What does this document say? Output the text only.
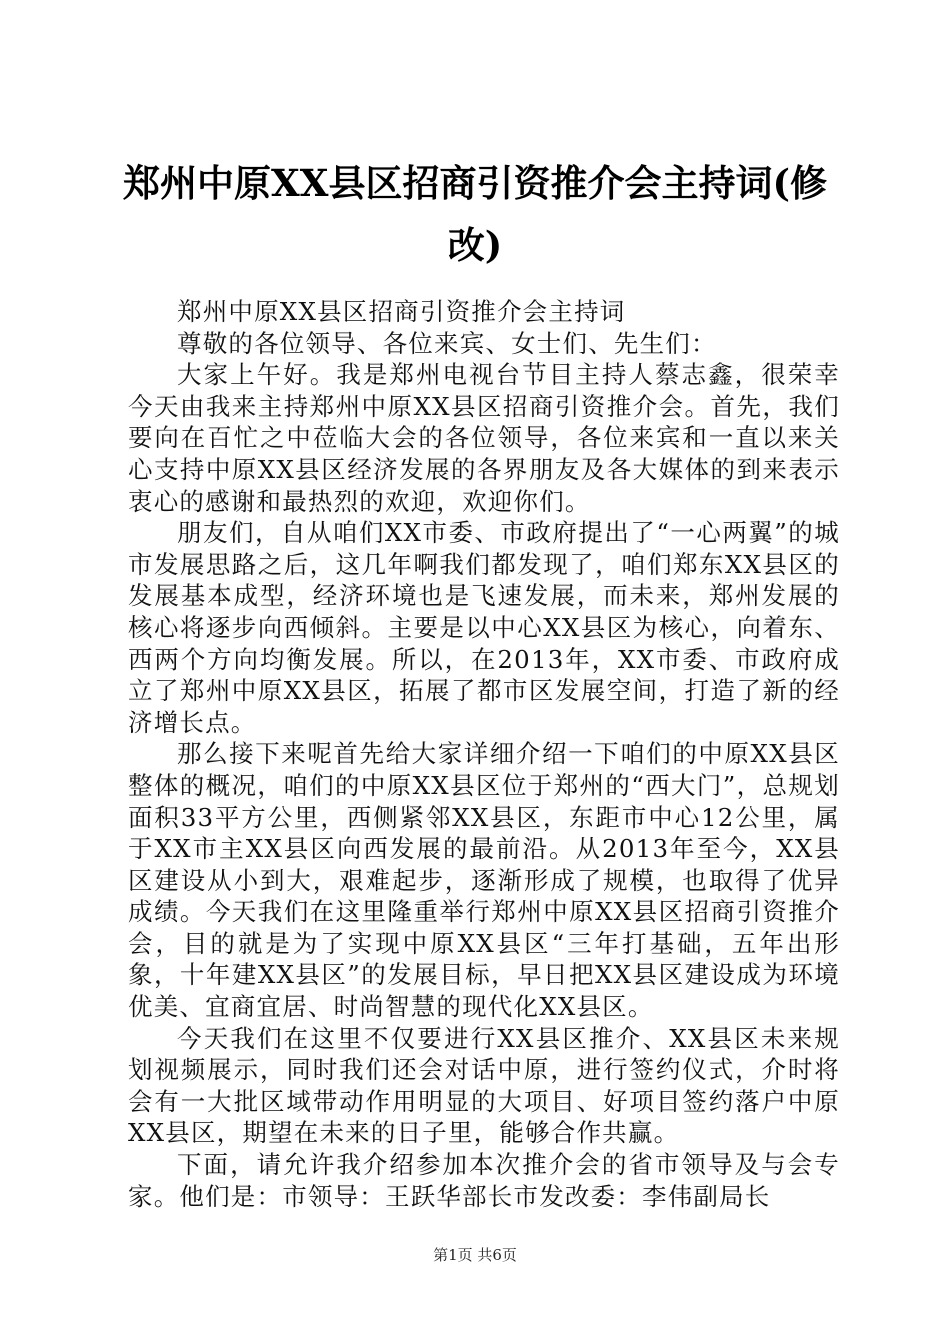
郑州中原XX县区招商引资推介会主持词(修
改)

郑州中原XX县区招商引资推介会主持词

尊敬的各位领导、各位来宾、女士们、先生们：

大家上午好。我是郑州电视台节目主持人蔡志鑫，很荣幸今天由我来主持郑州中原XX县区招商引资推介会。首先，我们要向在百忙之中莅临大会的各位领导，各位来宾和一直以来关心支持中原XX县区经济发展的各界朋友及各大媒体的到来表示衷心的感谢和最热烈的欢迎，欢迎你们。

朋友们，自从咱们XX市委、市政府提出了“一心两翼”的城市发展思路之后，这几年啊我们都发现了，咱们郑东XX县区的发展基本成型，经济环境也是飞速发展，而未来，郑州发展的核心将逐步向西倾斜。主要是以中心XX县区为核心，向着东、西两个方向均衡发展。所以，在2013年，XX市委、市政府成立了郑州中原XX县区，拓展了都市区发展空间，打造了新的经济增长点。

那么接下来呢首先给大家详细介绍一下咱们的中原XX县区整体的概况，咱们的中原XX县区位于郑州的“西大门”，总规划面积33平方公里，西侧紧邻XX县区，东距市中心12公里，属于XX市主XX县区向西发展的最前沿。从2013年至今，XX县区建设从小到大，艰难起步，逐渐形成了规模，也取得了优异成绩。今天我们在这里隆重举行郑州中原XX县区招商引资推介会，目的就是为了实现中原XX县区“三年打基础，五年出形象，十年建XX县区”的发展目标，早日把XX县区建设成为环境优美、宜商宜居、时尚智慧的现代化XX县区。

今天我们在这里不仅要进行XX县区推介、XX县区未来规划视频展示，同时我们还会对话中原，进行签约仪式，介时将会有一大批区域带动作用明显的大项目、好项目签约落户中原XX县区，期望在未来的日子里，能够合作共赢。

下面，请允许我介绍参加本次推介会的省市领导及与会专家。他们是：市领导：王跃华部长市发改委：李伟副局长

第1页 共6页
